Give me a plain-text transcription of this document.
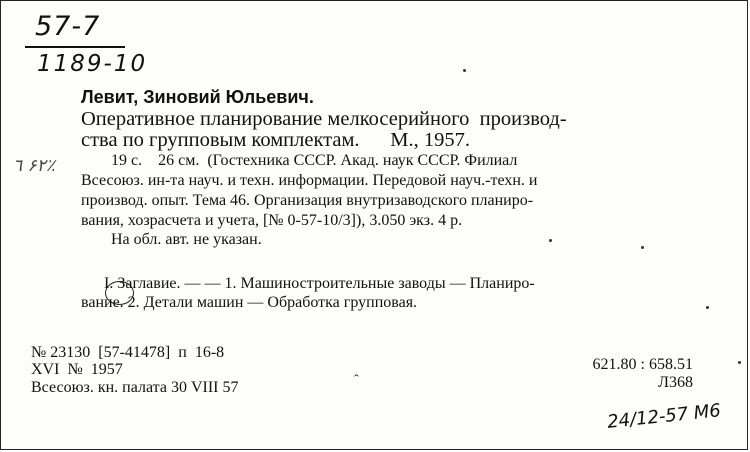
57-7
1189-10
٦ ۶٢٪
Левит, Зиновий Юльевич.
Оперативное планирование мелкосерийного  производ-
ства по групповым комплектам.      М., 1957.
19 с.    26 см.  (Гостехника СССР. Акад. наук СССР. Филиал
Всесоюз. ин-та науч. и техн. информации. Передовой науч.-техн. и
производ. опыт. Тема 46. Организация внутризаводского планиро-
вания, хозрасчета и учета, [№ 0-57-10/3]), 3.050 экз. 4 р.
На обл. авт. не указан.
I. Заглавие. — — 1. Машиностроительные заводы — Планиро-
вание. 2. Детали машин — Обработка групповая.
№ 23130  [57-41478]  п  16-8
XVI  №  1957
Всесоюз. кн. палата 30 VIII 57	ˆ
621.80 : 658.51
Л368
24/12-57 М6
